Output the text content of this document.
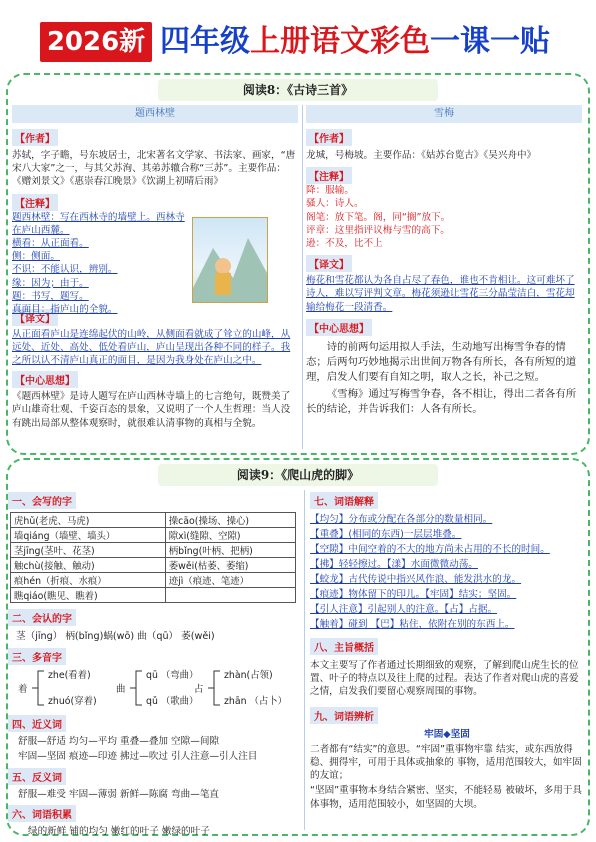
2026新 四年级上册语文彩色一课一贴
阅读8：《古诗三首》
题西林壁
【作者】
苏轼，字子瞻，号东坡居士，北宋著名文学家、书法家、画家，“唐宋八大家”之一，与其父苏洵、其弟苏辙合称“三苏”。主要作品：《赠刘景文》《惠崇春江晚景》《饮湖上初晴后雨》
【注释】
题西林壁：写在西林寺的墙壁上。西林寺在庐山西麓。
横看：从正面看。
侧：侧面。
不识：不能认识，辨别。
缘：因为；由于。
题：书写，题写。
真面目：指庐山的全貌。
【译文】
从正面看庐山是连绵起伏的山岭，从侧面看就成了耸立的山峰，从远处、近处、高处、低处看庐山，庐山呈现出各种不同的样子。我之所以认不清庐山真正的面目，是因为我身处在庐山之中。
【中心思想】
《题西林壁》是诗人题写在庐山西林寺墙上的七言绝句，既赞美了庐山雄奇壮观、千姿百态的景象，又说明了一个人生哲理：当人没有跳出局部从整体观察时，就很难认清事物的真相与全貌。
雪梅
【作者】
龙城，号梅坡。主要作品：《姑苏台览古》《吴兴舟中》
【注释】
降：服输。
骚人：诗人。
阁笔：放下笔。阁，同“搁”放下。
评章：这里指评议梅与雪的高下。
逊：不及，比不上
【译文】
梅花和雪花都认为各自占尽了春色，谁也不肯相让。这可难坏了诗人，难以写评判文章。梅花须逊让雪花三分晶莹洁白，雪花却输给梅花一段清香。
【中心思想】
诗的前两句运用拟人手法，生动地写出梅雪争春的情态；后两句巧妙地揭示出世间万物各有所长，各有所短的道理，启发人们要有自知之明，取人之长，补己之短。
《雪梅》通过写梅雪争春，各不相让，得出二者各有所长的结论，并告诉我们：人各有所长。
阅读9：《爬山虎的脚》
一、会写的字
虎hǔ(老虎、马虎)	操cāo(操场、操心)
墙qiáng（墙壁、墙头）	隙xì(缝隙、空隙)
茎jīng(茎叶、花茎)	柄bǐng(叶柄、把柄)
触chù(接触、触动)	萎wěi(枯萎、萎缩)
痕hén（折痕、水痕）	迹jì（痕迹、笔迹）
瞧qiáo(瞧见、瞧着)	
二、会认的字
茎（jīng） 柄(bǐng)蜗(wō) 曲（qū） 萎(wěi)
三、多音字
着
zhe(看着)
zhuó(穿着)
曲
qū （弯曲）
qǔ （歌曲）
占
zhàn(占领)
zhān （占卜）
四、近义词
舒服—舒适 均匀—平均 重叠—叠加 空隙—间隙
牢固—坚固 痕迹—印迹 拂过—吹过 引人注意—引人注目
五、反义词
舒服—难受 牢固—薄弱 新鲜—陈腐 弯曲—笔直
六、词语积累
绿的新鲜 铺的均匀 嫩红的叶子 嫩绿的叶子
七、词语解释
【均匀】分布或分配在各部分的数量相同。
【重叠】(相同的东西)一层层堆叠。
【空隙】中间空着的不大的地方尚未占用的不长的时间。
【拂】轻轻擦过。【漾】水面微微动荡。
【蛟龙】古代传说中指兴风作浪、能发洪水的龙。
【痕迹】物体留下的印儿。【牢固】结实；坚固。
【引人注意】引起别人的注意。【占】占据。
【触着】碰到 【巴】粘住，依附在别的东西上。
八、主旨概括
本文主要写了作者通过长期细致的观察，了解到爬山虎生长的位置、叶子的特点以及往上爬的过程。表达了作者对爬山虎的喜爱之情，启发我们要留心观察周围的事物。
九、词语辨析
牢固◆坚固
二者都有“结实”的意思。“牢固”重事物牢靠 结实，或东西放得稳、拥得牢，可用于具体或抽象的 事物，适用范围较大，如牢固的友谊；
“坚固”重事物本身结合紧密、坚实，不能轻易 被破坏，多用于具体事物，适用范围较小，如坚固的大坝。
